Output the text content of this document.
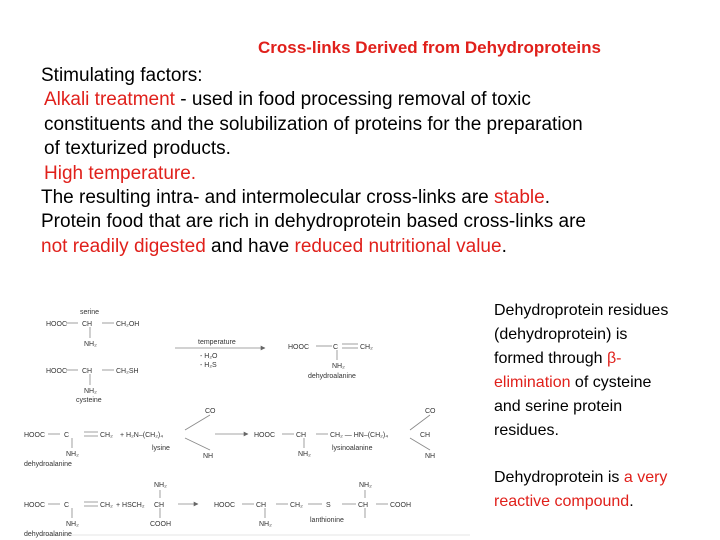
Cross-links Derived from Dehydroproteins

Stimulating factors:

Alkali treatment - used in food processing removal of toxic

constituents and the solubilization of proteins for the preparation

of texturized products.

High temperature.

The resulting intra- and intermolecular cross-links are stable.

Protein food that are rich in dehydroprotein based cross-links are

not readily digested and have reduced nutritional value.

Dehydroprotein residues

(dehydroprotein) is

formed through β-

elimination of cysteine

and serine protein

residues.

Dehydroprotein is a very

reactive compound.

serine
HOOC CH	CH₂OH
NH₂	temperature
- H₂O
- H₂S
HOOC	C	CH₂
NH₂
dehydroalanine
HOOC CH	CH₂SH
NH₂
cysteine
HOOC	C	CH₂
NH₂
dehydroalanine
+ H₂N–(CH₂)₄
CO
NH
lysine
HOOC	CH	CH₂ — HN–(CH₂)₄
NH₂
lysinoalanine
CO
CH
NH
HOOC	C	CH₂ + HSCH₂ CH
NH₂
COOH
NH₂
dehydroalanine
HOOC	CH	CH₂	S	CH	COOH
NH₂
NH₂
lanthionine
